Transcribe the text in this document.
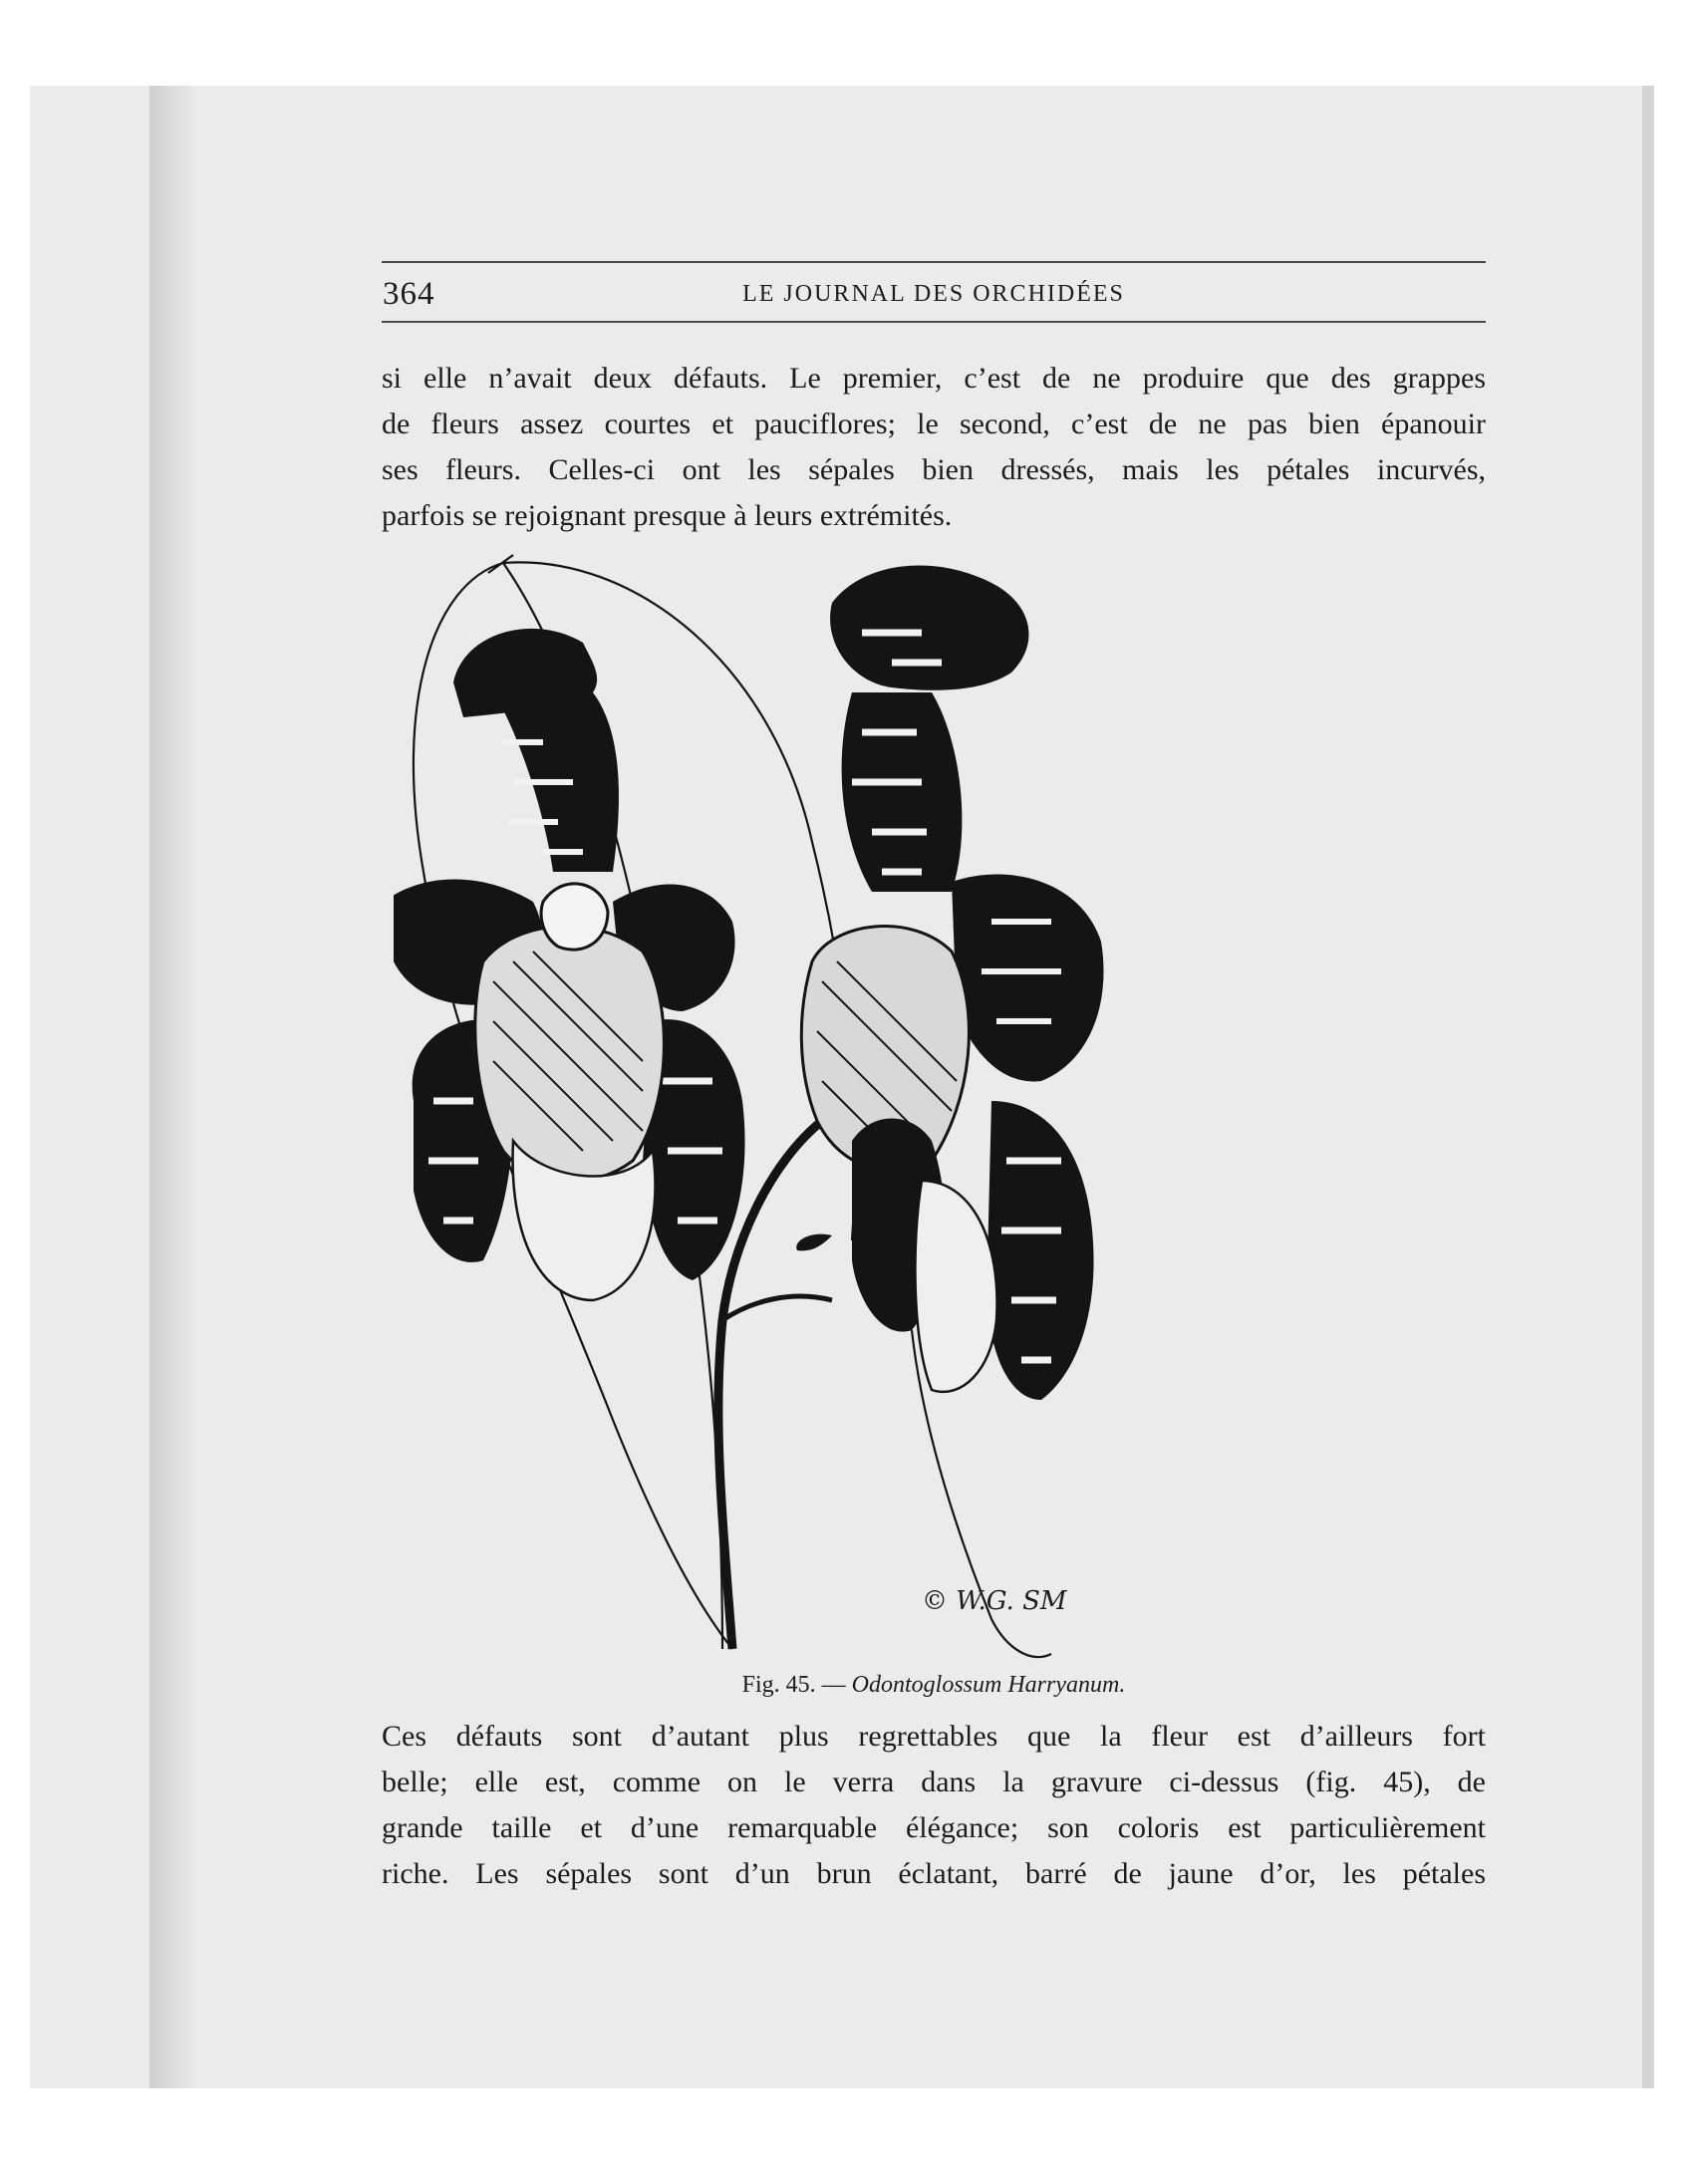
364	LE JOURNAL DES ORCHIDÉES

si elle n’avait deux défauts. Le premier, c’est de ne produire que des grappes

de fleurs assez courtes et pauciflores; le second, c’est de ne pas bien épanouir

ses fleurs. Celles-ci ont les sépales bien dressés, mais les pétales incurvés,

parfois se rejoignant presque à leurs extrémités.

© W.G. SM
Fig. 45. — Odontoglossum Harryanum.

Ces défauts sont d’autant plus regrettables que la fleur est d’ailleurs fort

belle; elle est, comme on le verra dans la gravure ci-dessus (fig. 45), de

grande taille et d’une remarquable élégance; son coloris est particulièrement

riche. Les sépales sont d’un brun éclatant, barré de jaune d’or, les pétales
